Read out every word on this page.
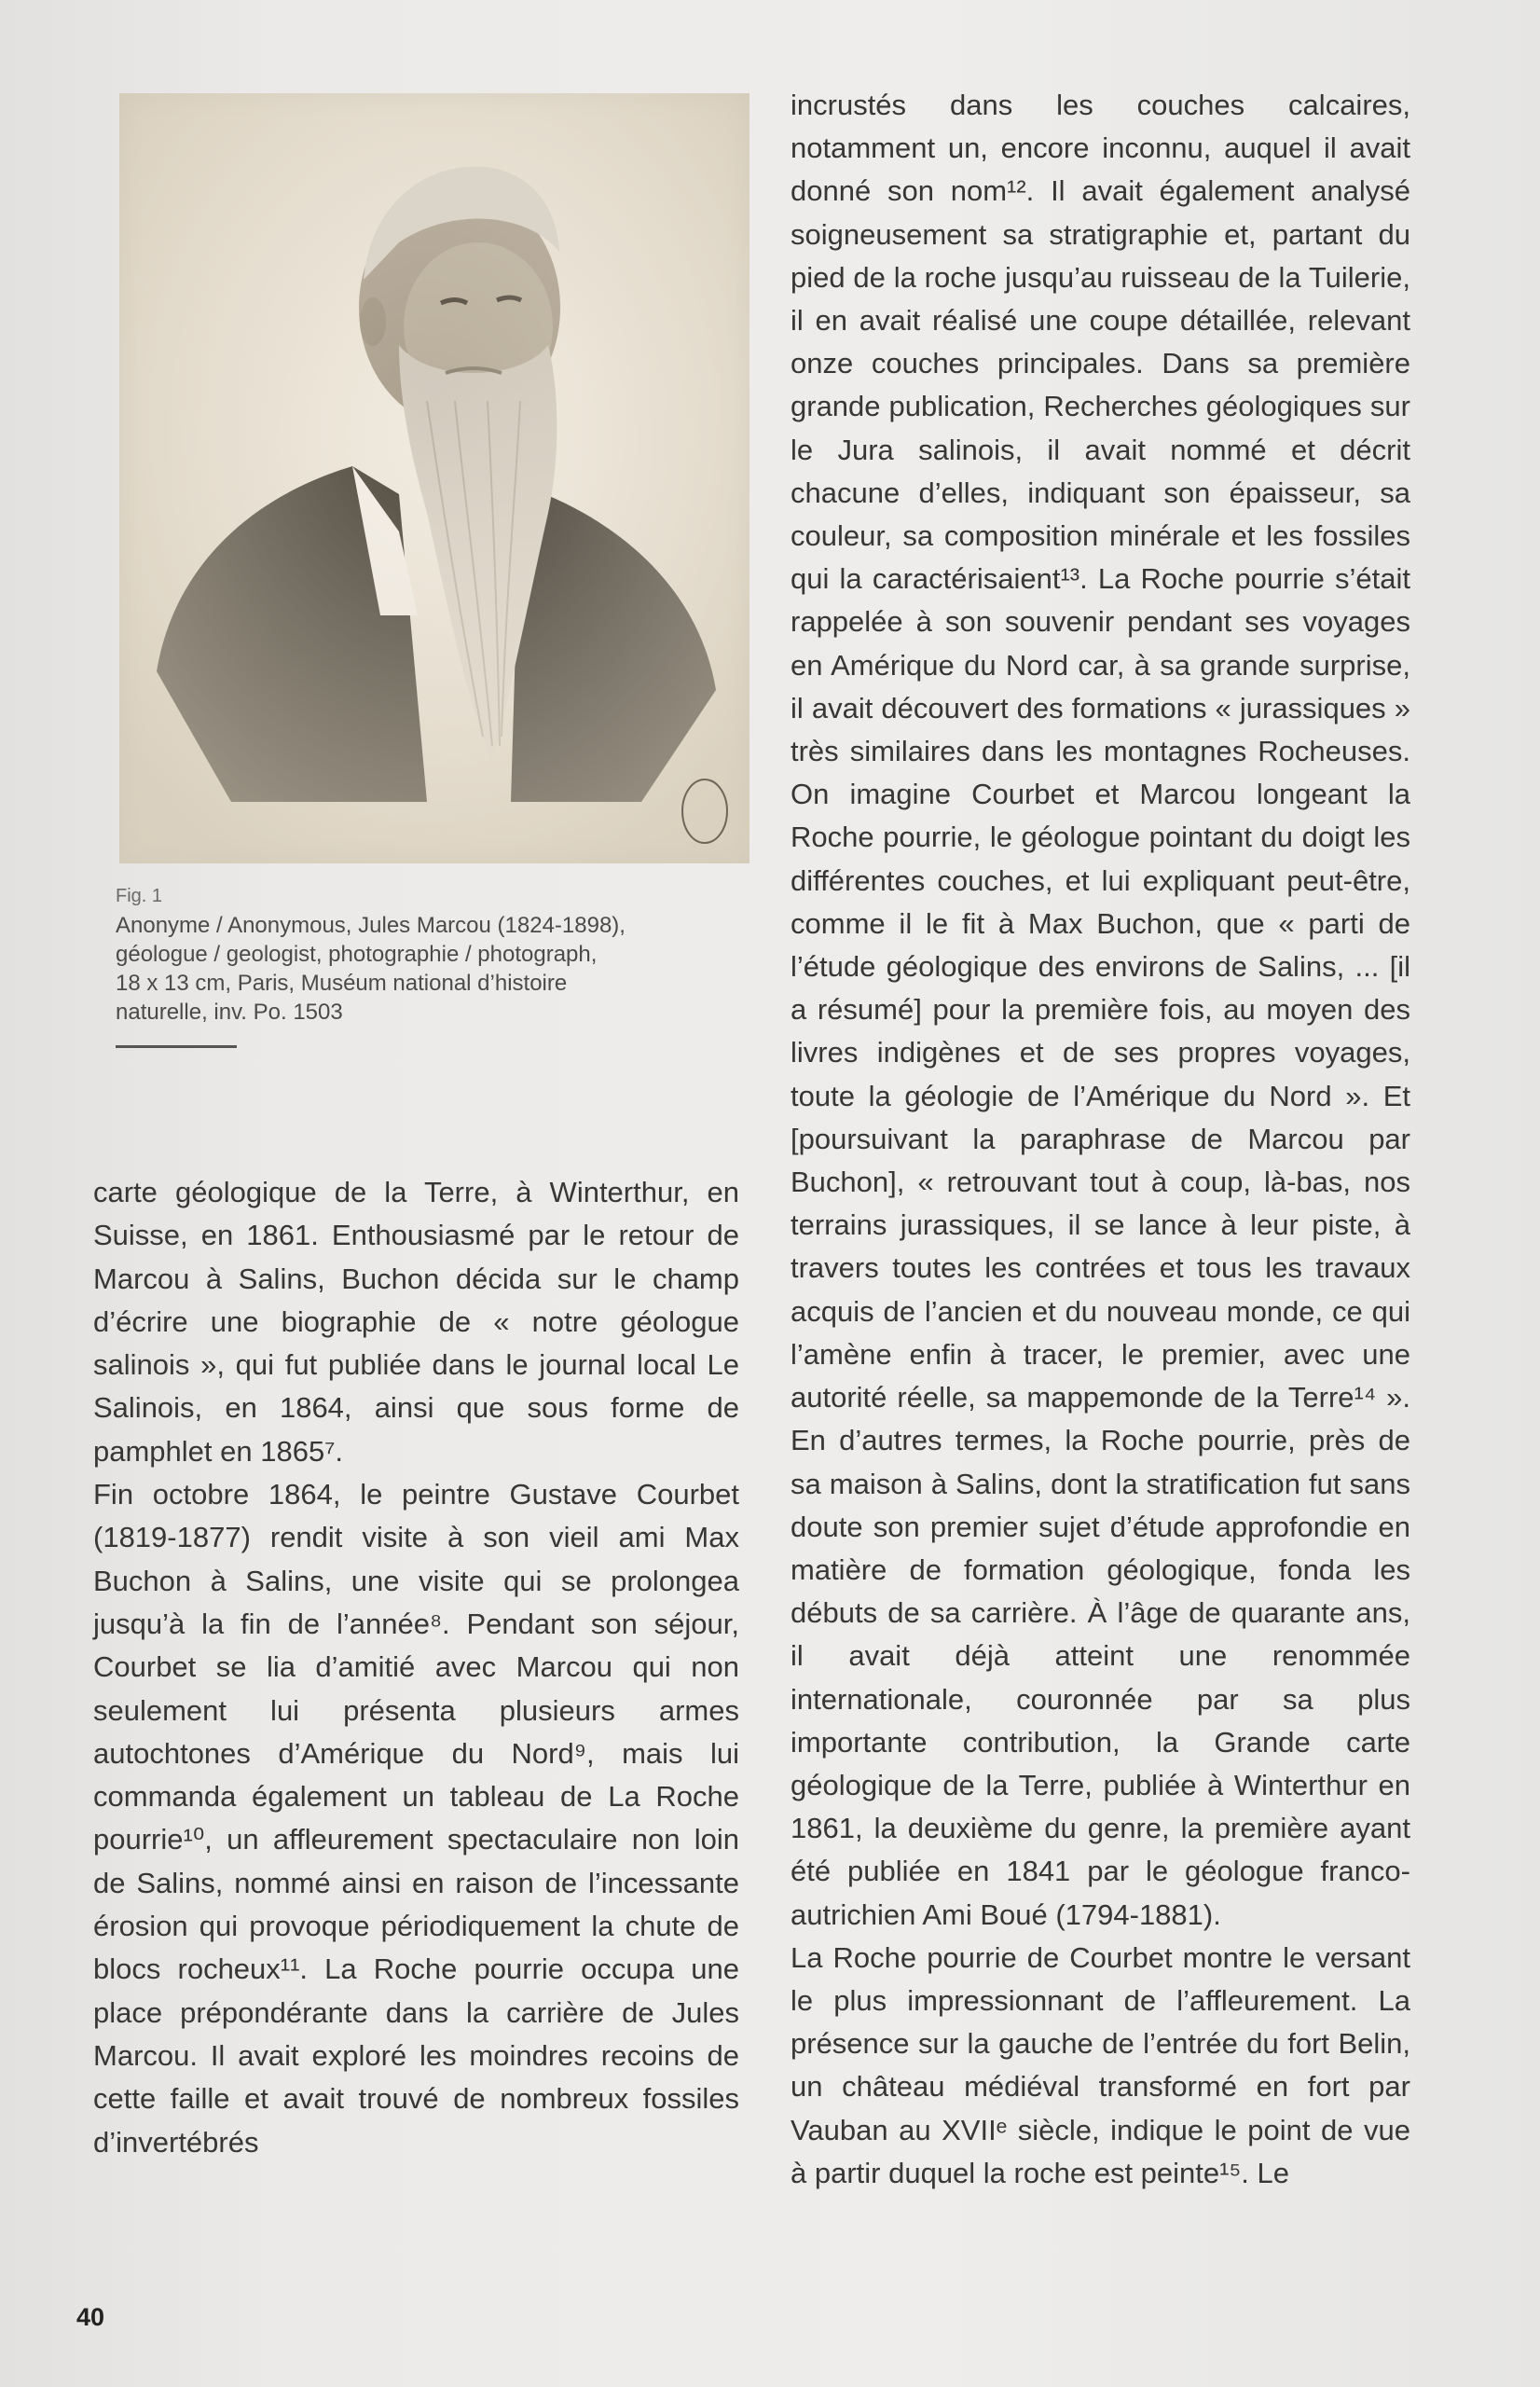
Fig. 1
Anonyme / Anonymous, Jules Marcou (1824-1898),
géologue / geologist, photographie / photograph,
18 x 13 cm, Paris, Muséum national d’histoire
naturelle, inv. Po. 1503

carte géologique de la Terre, à Winterthur, en Suisse, en 1861. Enthousiasmé par le retour de Marcou à Salins, Buchon décida sur le champ d’écrire une biographie de « notre géologue salinois », qui fut publiée dans le journal local Le Salinois, en 1864, ainsi que sous forme de pamphlet en 1865⁷.

Fin octobre 1864, le peintre Gustave Courbet (1819-1877) rendit visite à son vieil ami Max Buchon à Salins, une visite qui se prolongea jusqu’à la fin de l’année⁸. Pendant son séjour, Courbet se lia d’amitié avec Marcou qui non seulement lui présenta plusieurs armes autochtones d’Amérique du Nord⁹, mais lui commanda également un tableau de La Roche pourrie¹⁰, un affleurement spectaculaire non loin de Salins, nommé ainsi en raison de l’incessante érosion qui provoque périodiquement la chute de blocs rocheux¹¹. La Roche pourrie occupa une place prépondérante dans la carrière de Jules Marcou. Il avait exploré les moindres recoins de cette faille et avait trouvé de nombreux fossiles d’invertébrés

incrustés dans les couches calcaires, notamment un, encore inconnu, auquel il avait donné son nom¹². Il avait également analysé soigneusement sa stratigraphie et, partant du pied de la roche jusqu’au ruisseau de la Tuilerie, il en avait réalisé une coupe détaillée, relevant onze couches principales. Dans sa première grande publication, Recherches géologiques sur le Jura salinois, il avait nommé et décrit chacune d’elles, indiquant son épaisseur, sa couleur, sa composition minérale et les fossiles qui la caractérisaient¹³. La Roche pourrie s’était rappelée à son souvenir pendant ses voyages en Amérique du Nord car, à sa grande surprise, il avait découvert des formations « jurassiques » très similaires dans les montagnes Rocheuses. On imagine Courbet et Marcou longeant la Roche pourrie, le géologue pointant du doigt les différentes couches, et lui expliquant peut-être, comme il le fit à Max Buchon, que « parti de l’étude géologique des environs de Salins, ... [il a résumé] pour la première fois, au moyen des livres indigènes et de ses propres voyages, toute la géologie de l’Amérique du Nord ». Et [poursuivant la paraphrase de Marcou par Buchon], « retrouvant tout à coup, là-bas, nos terrains jurassiques, il se lance à leur piste, à travers toutes les contrées et tous les travaux acquis de l’ancien et du nouveau monde, ce qui l’amène enfin à tracer, le premier, avec une autorité réelle, sa mappemonde de la Terre¹⁴ ». En d’autres termes, la Roche pourrie, près de sa maison à Salins, dont la stratification fut sans doute son premier sujet d’étude approfondie en matière de formation géologique, fonda les débuts de sa carrière. À l’âge de quarante ans, il avait déjà atteint une renommée internationale, couronnée par sa plus importante contribution, la Grande carte géologique de la Terre, publiée à Winterthur en 1861, la deuxième du genre, la première ayant été publiée en 1841 par le géologue franco-autrichien Ami Boué (1794-1881).

La Roche pourrie de Courbet montre le versant le plus impressionnant de l’affleurement. La présence sur la gauche de l’entrée du fort Belin, un château médiéval transformé en fort par Vauban au XVIIᵉ siècle, indique le point de vue à partir duquel la roche est peinte¹⁵. Le

40
